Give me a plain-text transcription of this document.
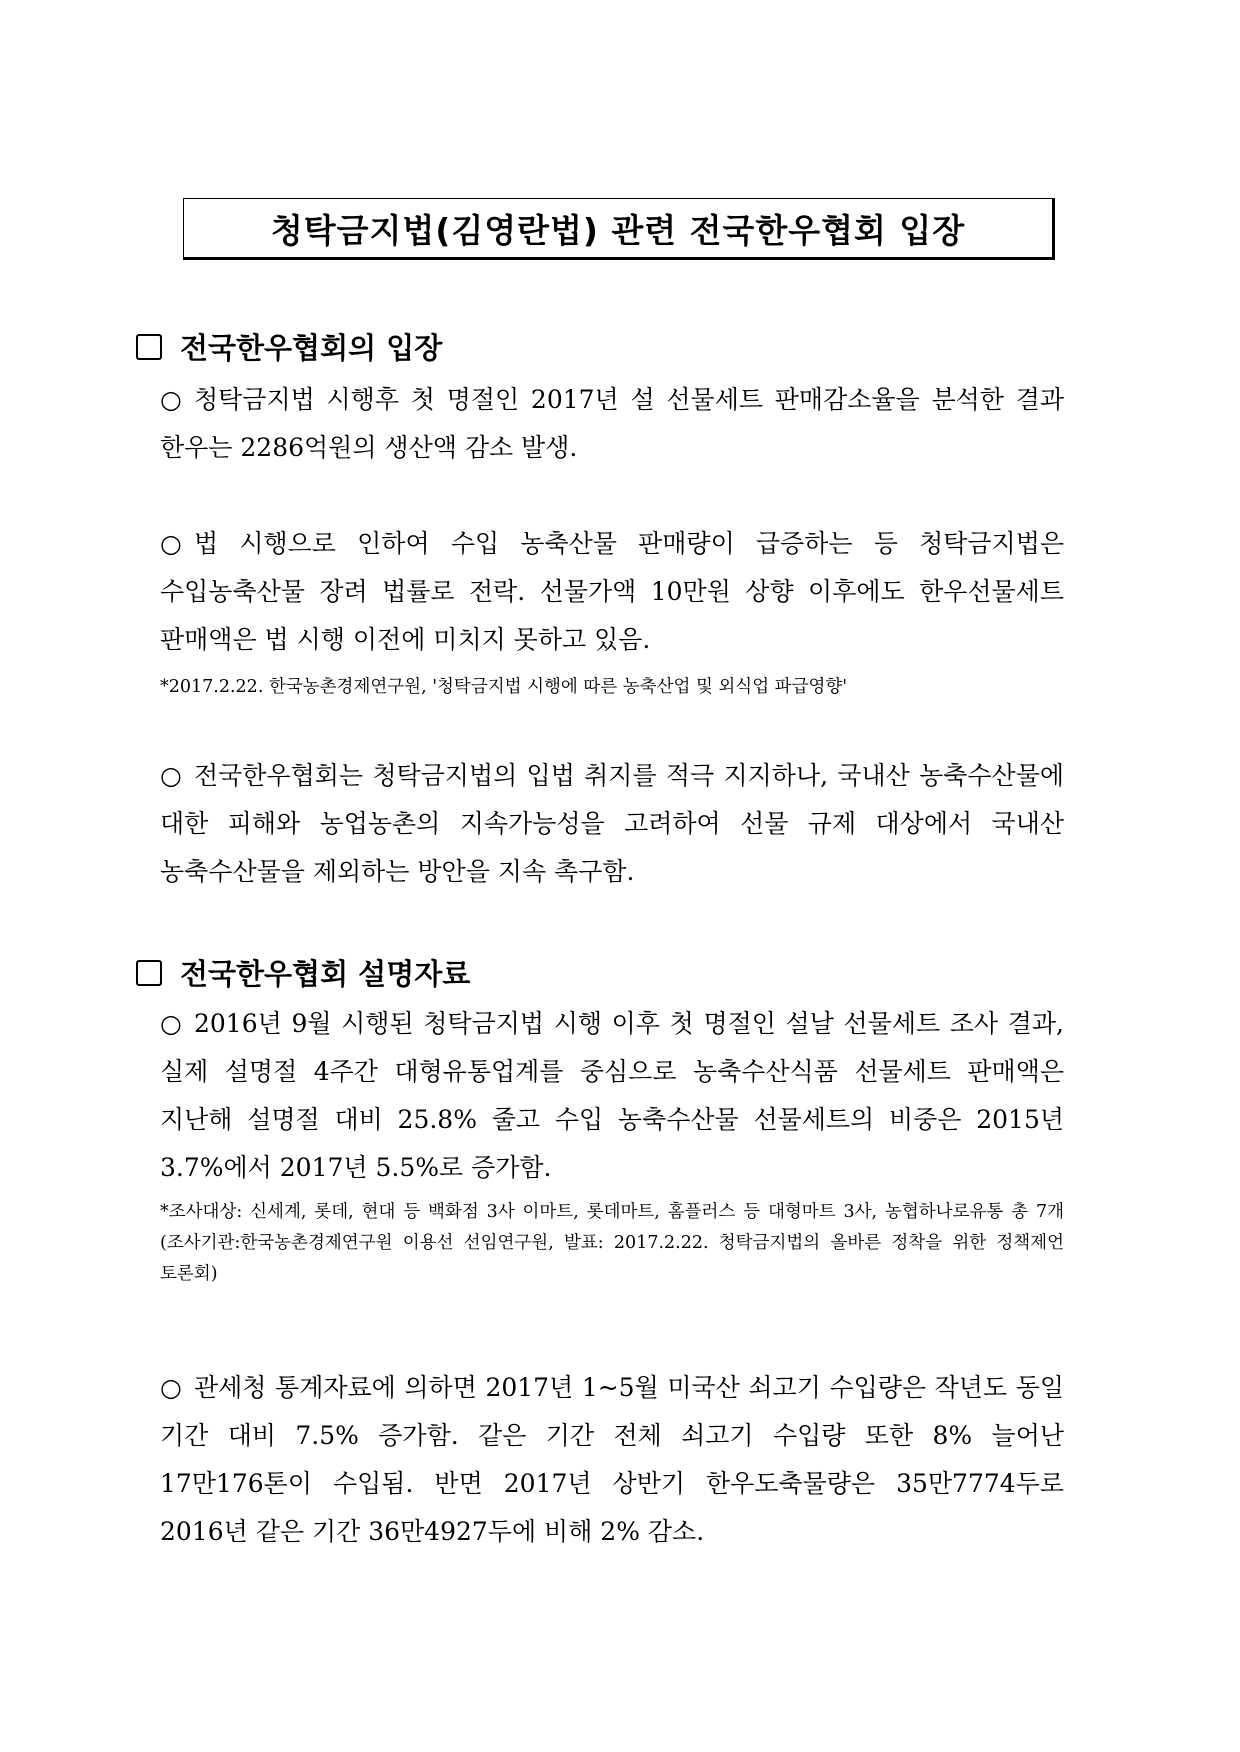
청탁금지법(김영란법) 관련 전국한우협회 입장
전국한우협회의 입장

○ 청탁금지법 시행후 첫 명절인 2017년 설 선물세트 판매감소율을 분석한 결과 한우는 2286억원의 생산액 감소 발생.

○ 법 시행으로 인하여 수입 농축산물 판매량이 급증하는 등 청탁금지법은 수입농축산물 장려 법률로 전락. 선물가액 10만원 상향 이후에도 한우선물세트 판매액은 법 시행 이전에 미치지 못하고 있음.

*2017.2.22. 한국농촌경제연구원, '청탁금지법 시행에 따른 농축산업 및 외식업 파급영향'

○ 전국한우협회는 청탁금지법의 입법 취지를 적극 지지하나, 국내산 농축수산물에 대한 피해와 농업농촌의 지속가능성을 고려하여 선물 규제 대상에서 국내산 농축수산물을 제외하는 방안을 지속 촉구함.

전국한우협회 설명자료

○ 2016년 9월 시행된 청탁금지법 시행 이후 첫 명절인 설날 선물세트 조사 결과, 실제 설명절 4주간 대형유통업계를 중심으로 농축수산식품 선물세트 판매액은 지난해 설명절 대비 25.8% 줄고 수입 농축수산물 선물세트의 비중은 2015년 3.7%에서 2017년 5.5%로 증가함.

*조사대상: 신세계, 롯데, 현대 등 백화점 3사 이마트, 롯데마트, 홈플러스 등 대형마트 3사, 농협하나로유통 총 7개(조사기관:한국농촌경제연구원 이용선 선임연구원, 발표: 2017.2.22. 청탁금지법의 올바른 정착을 위한 정책제언 토론회)

○ 관세청 통계자료에 의하면 2017년 1~5월 미국산 쇠고기 수입량은 작년도 동일 기간 대비 7.5% 증가함. 같은 기간 전체 쇠고기 수입량 또한 8% 늘어난 17만176톤이 수입됨. 반면 2017년 상반기 한우도축물량은 35만7774두로 2016년 같은 기간 36만4927두에 비해 2% 감소.
